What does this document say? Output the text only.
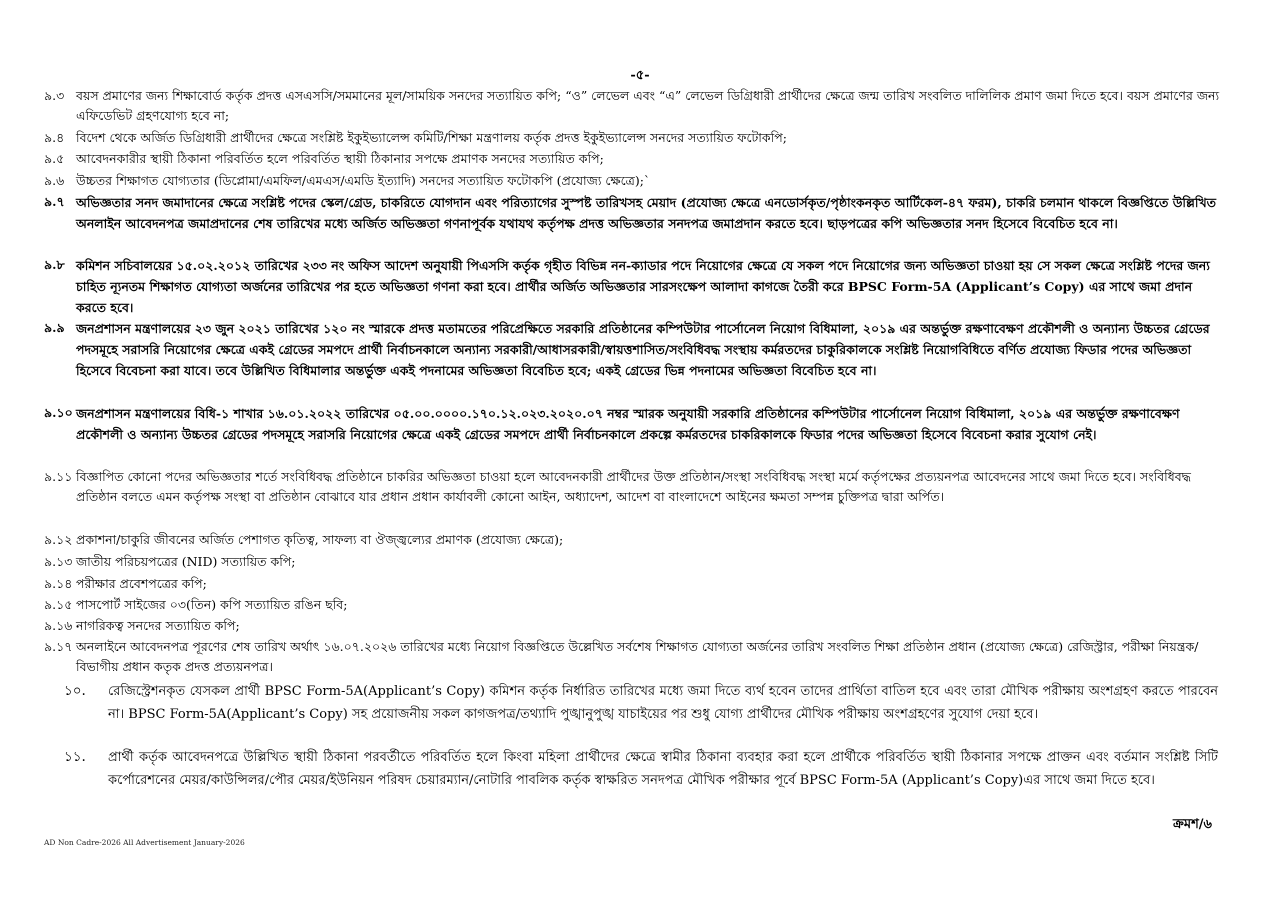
-৫-
৯.৩ বয়স প্রমাণের জন্য শিক্ষাবোর্ড কর্তৃক প্রদত্ত এসএসসি/সমমানের মূল/সাময়িক সনদের সত্যায়িত কপি; “ও” লেভেল এবং “এ” লেভেল ডিগ্রিধারী প্রার্থীদের ক্ষেত্রে জন্ম তারিখ সংবলিত দালিলিক প্রমাণ জমা দিতে হবে। বয়স প্রমাণের জন্য এফিডেভিট গ্রহণযোগ্য হবে না;
৯.৪ বিদেশ থেকে অর্জিত ডিগ্রিধারী প্রার্থীদের ক্ষেত্রে সংশ্লিষ্ট ইকুইভ্যালেন্স কমিটি/শিক্ষা মন্ত্রণালয় কর্তৃক প্রদত্ত ইকুইভ্যালেন্স সনদের সত্যায়িত ফটোকপি;
৯.৫ আবেদনকারীর স্থায়ী ঠিকানা পরিবর্তিত হলে পরিবর্তিত স্থায়ী ঠিকানার সপক্ষে প্রমাণক সনদের সত্যায়িত কপি;
৯.৬ উচ্চতর শিক্ষাগত যোগ্যতার (ডিপ্লোমা/এমফিল/এমএস/এমডি ইত্যাদি) সনদের সত্যায়িত ফটোকপি (প্রযোজ্য ক্ষেত্রে);`
৯.৭ অভিজ্ঞতার সনদ জমাদানের ক্ষেত্রে সংশ্লিষ্ট পদের স্কেল/গ্রেড, চাকরিতে যোগদান এবং পরিত্যাগের সুস্পষ্ট তারিখসহ মেয়াদ (প্রযোজ্য ক্ষেত্রে এনডোর্সকৃত/পৃষ্ঠাংকনকৃত আর্টিকেল-৪৭ ফরম), চাকরি চলমান থাকলে বিজ্ঞপ্তিতে উল্লিখিত অনলাইন আবেদনপত্র জমাপ্রদানের শেষ তারিখের মধ্যে অর্জিত অভিজ্ঞতা গণনাপূর্বক যথাযথ কর্তৃপক্ষ প্রদত্ত অভিজ্ঞতার সনদপত্র জমাপ্রদান করতে হবে। ছাড়পত্রের কপি অভিজ্ঞতার সনদ হিসেবে বিবেচিত হবে না।
৯.৮ কমিশন সচিবালয়ের ১৫.০২.২০১২ তারিখের ২৩৩ নং অফিস আদেশ অনুযায়ী পিএসসি কর্তৃক গৃহীত বিভিন্ন নন-ক্যাডার পদে নিয়োগের ক্ষেত্রে যে সকল পদে নিয়োগের জন্য অভিজ্ঞতা চাওয়া হয় সে সকল ক্ষেত্রে সংশ্লিষ্ট পদের জন্য চাহিত ন্যূনতম শিক্ষাগত যোগ্যতা অর্জনের তারিখের পর হতে অভিজ্ঞতা গণনা করা হবে। প্রার্থীর অর্জিত অভিজ্ঞতার সারসংক্ষেপ আলাদা কাগজে তৈরী করে BPSC Form-5A (Applicant’s Copy) এর সাথে জমা প্রদান করতে হবে।
৯.৯ জনপ্রশাসন মন্ত্রণালয়ের ২৩ জুন ২০২১ তারিখের ১২০ নং স্মারকে প্রদত্ত মতামতের পরিপ্রেক্ষিতে সরকারি প্রতিষ্ঠানের কম্পিউটার পার্সোনেল নিয়োগ বিধিমালা, ২০১৯ এর অন্তর্ভুক্ত রক্ষণাবেক্ষণ প্রকৌশলী ও অন্যান্য উচ্চতর গ্রেডের পদসমূহে সরাসরি নিয়োগের ক্ষেত্রে একই গ্রেডের সমপদে প্রার্থী নির্বাচনকালে অন্যান্য সরকারী/আধাসরকারী/স্বায়ত্তশাসিত/সংবিধিবদ্ধ সংস্থায় কর্মরতদের চাকুরিকালকে সংশ্লিষ্ট নিয়োগবিধিতে বর্ণিত প্রযোজ্য ফিডার পদের অভিজ্ঞতা হিসেবে বিবেচনা করা যাবে। তবে উল্লিখিত বিধিমালার অন্তর্ভুক্ত একই পদনামের অভিজ্ঞতা বিবেচিত হবে; একই গ্রেডের ভিন্ন পদনামের অভিজ্ঞতা বিবেচিত হবে না।
৯.১০ জনপ্রশাসন মন্ত্রণালয়ের বিধি-১ শাখার ১৬.০১.২০২২ তারিখের ০৫.০০.০০০০.১৭০.১২.০২৩.২০২০.০৭ নম্বর স্মারক অনুযায়ী সরকারি প্রতিষ্ঠানের কম্পিউটার পার্সোনেল নিয়োগ বিধিমালা, ২০১৯ এর অন্তর্ভুক্ত রক্ষণাবেক্ষণ প্রকৌশলী ও অন্যান্য উচ্চতর গ্রেডের পদসমূহে সরাসরি নিয়োগের ক্ষেত্রে একই গ্রেডের সমপদে প্রার্থী নির্বাচনকালে প্রকল্পে কর্মরতদের চাকরিকালকে ফিডার পদের অভিজ্ঞতা হিসেবে বিবেচনা করার সুযোগ নেই।
৯.১১ বিজ্ঞাপিত কোনো পদের অভিজ্ঞতার শর্তে সংবিধিবদ্ধ প্রতিষ্ঠানে চাকরির অভিজ্ঞতা চাওয়া হলে আবেদনকারী প্রার্থীদের উক্ত প্রতিষ্ঠান/সংস্থা সংবিধিবদ্ধ সংস্থা মর্মে কর্তৃপক্ষের প্রত্যয়নপত্র আবেদনের সাথে জমা দিতে হবে। সংবিধিবদ্ধ প্রতিষ্ঠান বলতে এমন কর্তৃপক্ষ সংস্থা বা প্রতিষ্ঠান বোঝাবে যার প্রধান প্রধান কার্যাবলী কোনো আইন, অধ্যাদেশ, আদেশ বা বাংলাদেশে আইনের ক্ষমতা সম্পন্ন চুক্তিপত্র দ্বারা অর্পিত।
৯.১২ প্রকাশনা/চাকুরি জীবনের অর্জিত পেশাগত কৃতিত্ব, সাফল্য বা ঔজ্জ্বল্যের প্রমাণক (প্রযোজ্য ক্ষেত্রে);
৯.১৩ জাতীয় পরিচয়পত্রের (NID) সত্যায়িত কপি;
৯.১৪ পরীক্ষার প্রবেশপত্রের কপি;
৯.১৫ পাসপোর্ট সাইজের ০৩(তিন) কপি সত্যায়িত রঙিন ছবি;
৯.১৬ নাগরিকত্ব সনদের সত্যায়িত কপি;
৯.১৭ অনলাইনে আবেদনপত্র পূরণের শেষ তারিখ অর্থাৎ ১৬.০৭.২০২৬ তারিখের মধ্যে নিয়োগ বিজ্ঞপ্তিতে উল্লেখিত সর্বশেষ শিক্ষাগত যোগ্যতা অর্জনের তারিখ সংবলিত শিক্ষা প্রতিষ্ঠান প্রধান (প্রযোজ্য ক্ষেত্রে) রেজিস্ট্রার, পরীক্ষা নিয়ন্ত্রক/বিভাগীয় প্রধান কতৃক প্রদত্ত প্রত্যয়নপত্র।
১০. রেজিস্ট্রেশনকৃত যেসকল প্রার্থী BPSC Form-5A(Applicant’s Copy) কমিশন কর্তৃক নির্ধারিত তারিখের মধ্যে জমা দিতে ব্যর্থ হবেন তাদের প্রার্থিতা বাতিল হবে এবং তারা মৌখিক পরীক্ষায় অংশগ্রহণ করতে পারবেন না। BPSC Form-5A(Applicant’s Copy) সহ প্রয়োজনীয় সকল কাগজপত্র/তথ্যাদি পুঙ্খানুপুঙ্খ যাচাইয়ের পর শুধু যোগ্য প্রার্থীদের মৌখিক পরীক্ষায় অংশগ্রহণের সুযোগ দেয়া হবে।
১১. প্রার্থী কর্তৃক আবেদনপত্রে উল্লিখিত স্থায়ী ঠিকানা পরবর্তীতে পরিবর্তিত হলে কিংবা মহিলা প্রার্থীদের ক্ষেত্রে স্বামীর ঠিকানা ব্যবহার করা হলে প্রার্থীকে পরিবর্তিত স্থায়ী ঠিকানার সপক্ষে প্রাক্তন এবং বর্তমান সংশ্লিষ্ট সিটি কর্পোরেশনের মেয়র/কাউন্সিলর/পৌর মেয়র/ইউনিয়ন পরিষদ চেয়ারম্যান/নোটারি পাবলিক কর্তৃক স্বাক্ষরিত সনদপত্র মৌখিক পরীক্ষার পূর্বে BPSC Form-5A (Applicant’s Copy)এর সাথে জমা দিতে হবে।
ক্রমশ/৬
AD Non Cadre-2026 All Advertisement January-2026
